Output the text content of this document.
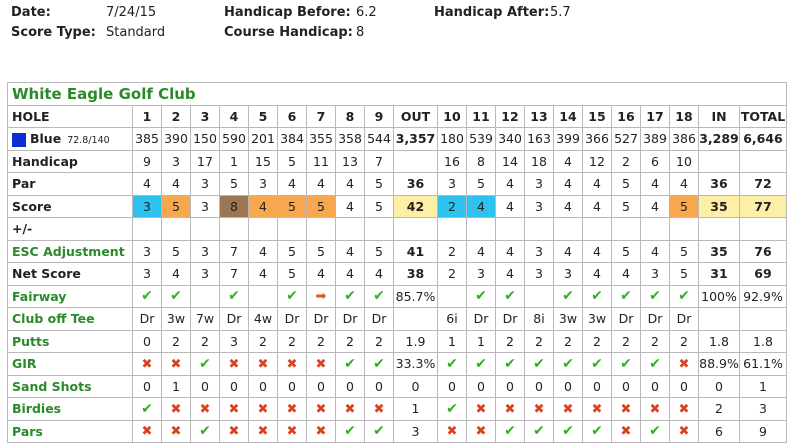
Date:	7/24/15	Handicap Before: 6.2	Handicap After: 5.7
Score Type: Standard	Course Handicap: 8
White Eagle Golf Club																					
HOLE	1	2	3	4	5	6	7	8	9	OUT	10	11	12	13	14	15	16	17	18	IN	TOTAL
Blue 72.8/140	385	390	150	590	201	384	355	358	544	3,357	180	539	340	163	399	366	527	389	386	3,289	6,646
Handicap	9	3	17	1	15	5	11	13	7		16	8	14	18	4	12	2	6	10		
Par	4	4	3	5	3	4	4	4	5	36	3	5	4	3	4	4	5	4	4	36	72
Score	3	5	3	8	4	5	5	4	5	42	2	4	4	3	4	4	5	4	5	35	77
+/-																					
ESC Adjustment	3	5	3	7	4	5	5	4	5	41	2	4	4	3	4	4	5	4	5	35	76
Net Score	3	4	3	7	4	5	4	4	4	38	2	3	4	3	3	4	4	3	5	31	69
Fairway	✔	✔		✔		✔	➡	✔	✔	85.7%		✔	✔		✔	✔	✔	✔	✔	100%	92.9%
Club off Tee	Dr	3w	7w	Dr	4w	Dr	Dr	Dr	Dr		6i	Dr	Dr	8i	3w	3w	Dr	Dr	Dr		
Putts	0	2	2	3	2	2	2	2	2	1.9	1	1	2	2	2	2	2	2	2	1.8	1.8
GIR	✖	✖	✔	✖	✖	✖	✖	✔	✔	33.3%	✔	✔	✔	✔	✔	✔	✔	✔	✖	88.9%	61.1%
Sand Shots	0	1	0	0	0	0	0	0	0	0	0	0	0	0	0	0	0	0	0	0	1
Birdies	✔	✖	✖	✖	✖	✖	✖	✖	✖	1	✔	✖	✖	✖	✖	✖	✖	✖	✖	2	3
Pars	✖	✖	✔	✖	✖	✖	✖	✔	✔	3	✖	✖	✔	✔	✔	✔	✖	✔	✖	6	9
